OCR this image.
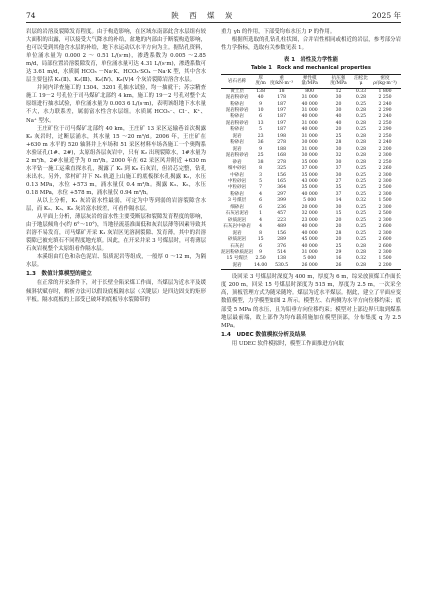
74	陕 西 煤 炭	2025 年

岩层的岩溶及裂隙发育程度。由于构造影响，在区域东南部此含水层组有较大面积的出露，可以接受大气降水的补给，盆地的内部由于断裂构造影响，也可以受到其他含水层的补给，地下水运动以水平方向为主。据钻孔资料，单位涌水量为 0.000 2 ～ 0.51 L/(s·m)，渗透系数为 0.005 ～2.85 m/d，局部位置岩溶裂隙发育，单位涌水量可达 4.31 L/(s·m)，渗透系数可达 3.61 m/d，水质属 HCO₃ －Na·K、HCO₃·SO₄ －Na·K 型，其中含水层主要包括 K₁(Ⅱ)、K₂(Ⅲ)、K₆(Ⅳ)、K₈(Ⅴ)4 个灰岩裂隙岩溶含水层。

并同内详查施工的 1304、3201 孔抽水试验，均一抽就干；苏宗精查施工 19－2 号孔位于司马煤矿北部约 4 km，施工的 19－2 号孔对整个太原组进行抽水试验，单位涌水量为 0.003 6 L/(s·m)，表明该组地下水水量不大，水力联系差，属弱富水性含水层组。水质属 HCO₃⁻、Cl⁻、K⁺、Na⁺ 型水。

王庄矿位于司马煤矿北部约 40 km，王庄矿 13 采区运输巷首次揭露 K₂ 灰岩时，过断层涌水，其水量 15 ～20 m³/d。2006 年，王庄矿在 +630 m 水平的 520 轴斜井上车场和 51 采区材料车场各施工一个奥陶系水验证孔(1#、2#)，太原组各层灰岩中，只有 K₂ 出现裂隙水，1#水量为 2 m³/h，2#水量近乎为 0 m³/h。2000 年在 62 采区风井附近 +630 m 水平钻一施工运乘直探水孔，揭露了 K₂ 到 K₈ 石灰岩，但岩芯完整，钻孔未出水。另外，常村矿井下 N₃ 轨道上山施工的底板探水孔揭露 K₂，水压 0.13 MPa，水位 +573 m，涌水量仅 0.4 m³/h。揭露 K₃、K₅，水压 0.18 MPa，水位 +578 m，涌水量仅 0.94 m³/h。

从以上分析，K₁ 灰岩富水性最弱，可定为中等到弱的岩溶裂隙含水层，而 K₂、K₃、K₆ 灰岩富水较差，可看作隔水层。

从平面上分析，薄层灰岩的富水性主要受断层和裂隙发育程度的影响，由于地层倾角小(约 6°～10°)，当地径流基准面低和灰岩层薄等因素导致其岩溶不易发育，司马煤矿开采 K₁ 灰岩区见溶洞裂隙、发育薄，其中的岩溶裂隙已被充填石不同程度地充填。因此，在开采井采 3 号煤层时，可将薄层石灰岩视整个太原组看作隔水层。

本溪组由红色和杂色泥岩、铝质泥岩等组成，一般厚 0 ～12 m，为隔水层。

1.3　数值计算模型的建立

在正常的开采条件下，对于长壁全陷采煤工作面，当煤层为近水平及缓倾斜状赋存时，解析方法可以假设底板隔水层（关键层）是四边固支的矩形平板。隔水底板的上部受已破坏的底板导水裂隙带的

重力 γh 的作用，下部受均布水压力 P 的作用。

根据所选取的孔钻孔柱状图，合并岩性相同或相近的岩层，参考部分岩性力学指标，选取有关参数见表 1。

表 1　岩性及力学性能
Table 1　Rock and mechanical properties
岩石名称	厚度/m	重度/kN·m⁻³	弹性模量/MPa	抗压强度/MPa	泊松比μ	密度ρ/(kg·m⁻³)
黄土层	138	18	800	12	0.33	1 800
泥岩粉砂岩	40	178	31 000	30	0.28	2 250
粉砂岩	9	187	40 000	20	0.25	2 240
泥岩粉砂岩	10	197	31 000	30	0.28	2 290
粉砂岩	6	187	40 000	40	0.25	2 240
泥岩粉砂岩	13	197	31 000	40	0.28	2 250
粉砂岩	5	187	40 000	20	0.25	2 290
泥岩	23	198	31 000	25	0.28	2 250
粉砂岩	36	278	30 000	28	0.28	2 240
泥岩	9	188	31 000	30	0.28	2 200
泥岩粉砂岩	25	168	30 000	32	0.28	2 300
砂岩	38	278	35 000	30	0.28	2 250
细中砂岩	8	325	37 000	37	0.25	2 260
中砂岩	3	156	35 000	30	0.25	2 300
中粒砂岩	5	165	43 000	27	0.25	2 300
中粒砂岩	7	364	35 000	35	0.25	2 500
粉砂岩	4	297	40 000	37	0.25	2 300
3 号煤层	6	399	5 000	14	0.32	1 500
细砂岩	6	236	20 000	30	0.25	2 300
石灰岩泥岩	1	457	32 000	15	0.25	2 500
砂质泥岩	4	223	23 000	20	0.25	2 300
石灰岩中砂岩	4	489	40 000	20	0.25	2 600
泥岩	8	156	40 000	28	0.25	2 300
砂质泥岩	15	289	45 000	20	0.25	2 600
石灰岩	6	376	40 000	25	0.28	2 600
泥岩粉砂质泥岩	9	514	31 000	29	0.28	2 300
15 号煤层	2.50	138	5 000	16	0.32	1 500
泥岩	14.00	530.5	26 000	26	0.28	2 200

设回采 3 号煤层时深度为 400 m，厚度为 6 m，综采放顶煤工作面长度 200 m，回采 15 号煤层时深度为 515 m，厚度为 2.5 m，一次采全高，顶板管理方式为随采随垮。煤层为近水平煤层。据此，建立了平面应变数值模型，力学模型如图 2 所示。模型左、右两侧为水平方向位移约束；底部受 5 MPa 的水压，且为铅垂方向位移约束；模型对上部边界只取到煤系地层最前端，故上部作为均布载荷施加在模型顶部，分布集度 q 为 2.5 MPa。

1.4　UDEC 数值模拟分析及结果

用 UDEC 软件模拟时，模型工作面推进方向取
